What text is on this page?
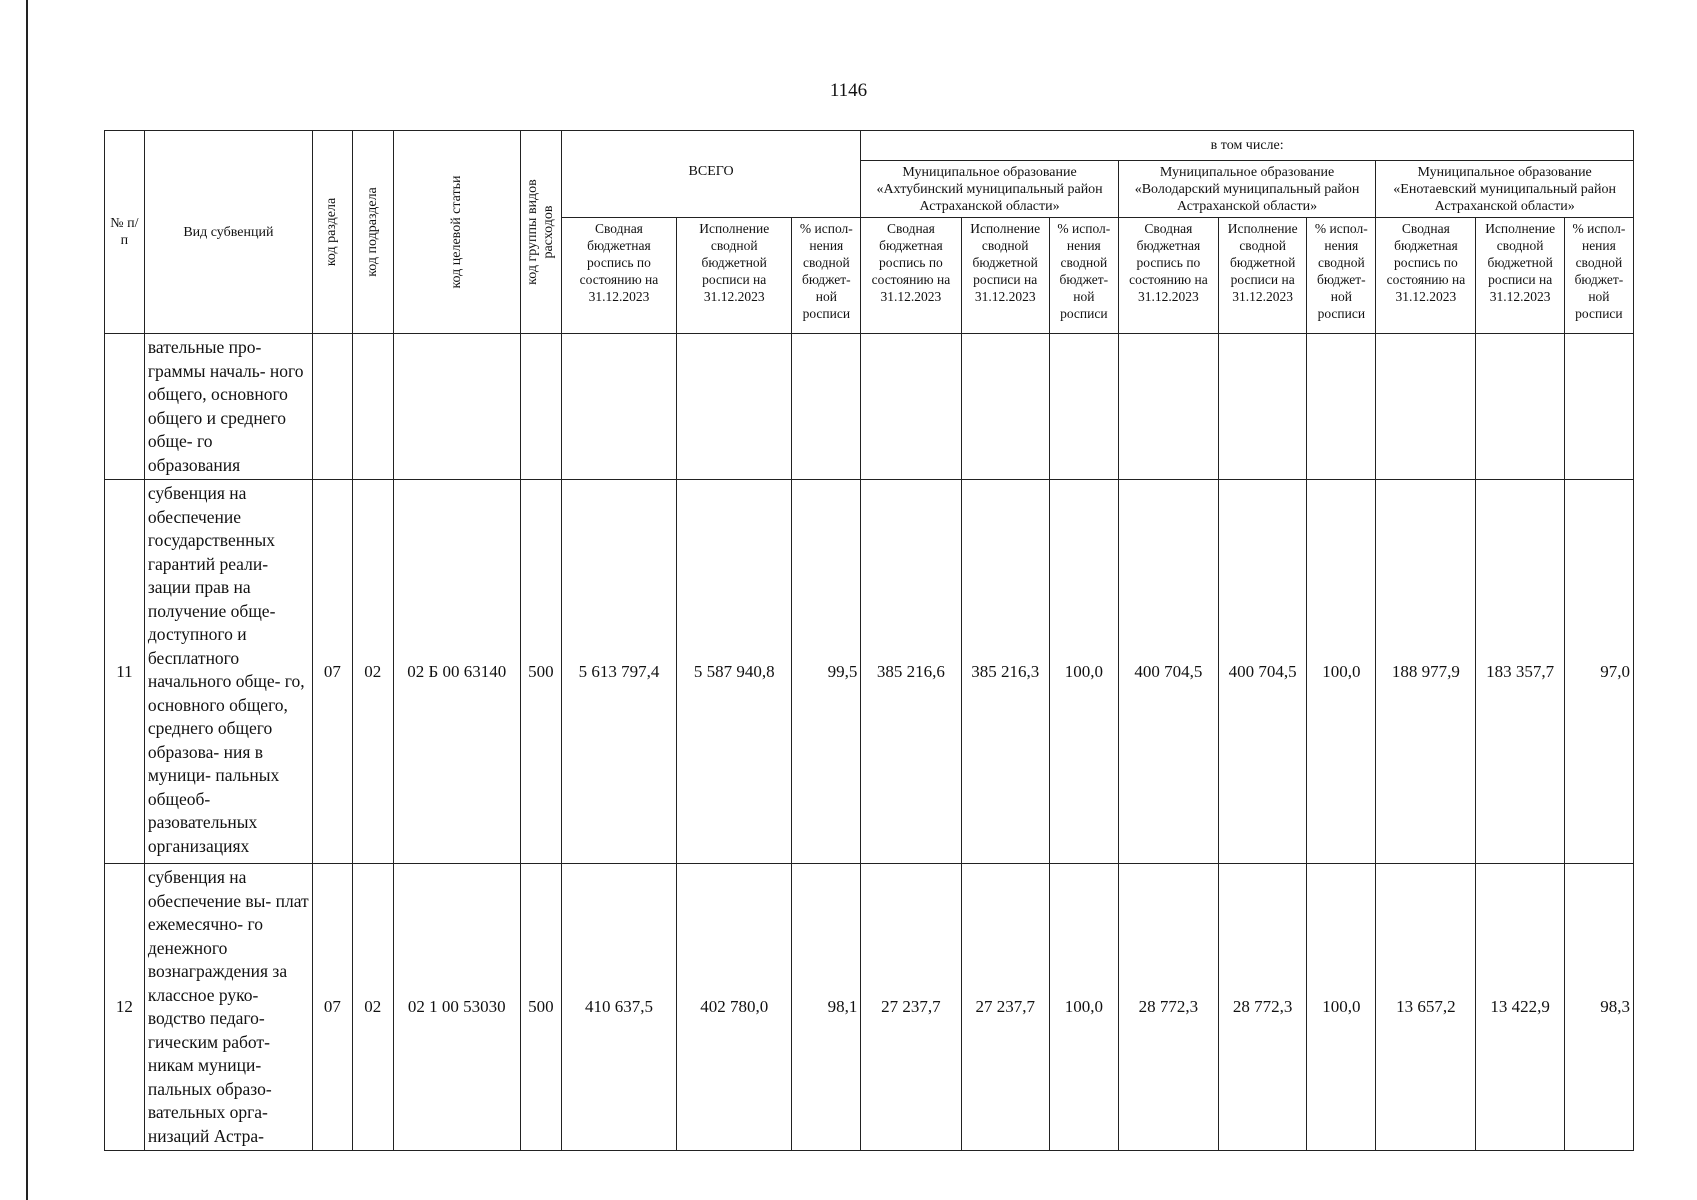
1146
№ п/п	Вид субвенций	код раздела	код подраздела	код целевой статьи	код группы видов расходов	ВСЕГО			в том числе:								
									Муниципальное образование «Ахтубинский муниципальный район Астраханской области»			Муниципальное образование «Володарский муниципальный район Астраханской области»			Муниципальное образование «Енотаевский муниципальный район Астраханской области»		
						Сводная бюджетная роспись по состоянию на 31.12.2023	Исполнение сводной бюджетной росписи на 31.12.2023	% испол- нения сводной бюджет- ной росписи	Сводная бюджетная роспись по состоянию на 31.12.2023	Исполнение сводной бюджетной росписи на 31.12.2023	% испол- нения сводной бюджет- ной росписи	Сводная бюджетная роспись по состоянию на 31.12.2023	Исполнение сводной бюджетной росписи на 31.12.2023	% испол- нения сводной бюджет- ной росписи	Сводная бюджетная роспись по состоянию на 31.12.2023	Исполнение сводной бюджетной росписи на 31.12.2023	% испол- нения сводной бюджет- ной росписи
	вательные про- граммы началь- ного общего, основного общего и среднего обще- го образования																
11	субвенция на обеспечение государственных гарантий реали- зации прав на получение обще- доступного и бесплатного начального обще- го, основного общего, среднего общего образова- ния в муници- пальных общеоб- разовательных организациях	07	02	02 Б 00 63140	500	5 613 797,4	5 587 940,8	99,5	385 216,6	385 216,3	100,0	400 704,5	400 704,5	100,0	188 977,9	183 357,7	97,0
12	субвенция на обеспечение вы- плат ежемесячно- го денежного вознаграждения за классное руко- водство педаго- гическим работ- никам муници- пальных образо- вательных орга- низаций Астра-	07	02	02 1 00 53030	500	410 637,5	402 780,0	98,1	27 237,7	27 237,7	100,0	28 772,3	28 772,3	100,0	13 657,2	13 422,9	98,3
